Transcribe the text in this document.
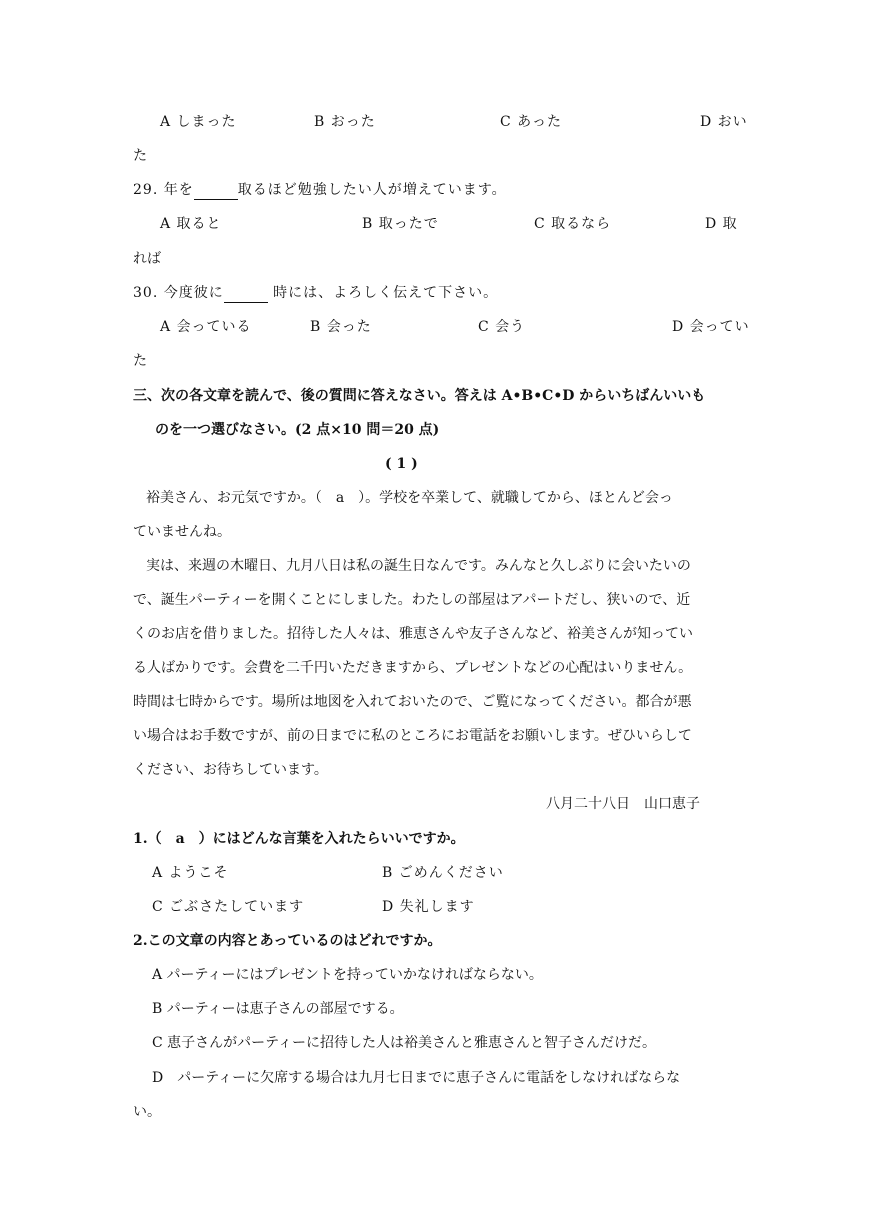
A しまった	B おった	C あった	D おい
た
29. 年を	取るほど勉強したい人が増えています。
A 取ると	B 取ったで	C 取るなら	D 取
れば
30. 今度彼に	時には、よろしく伝えて下さい。
A 会っている	B 会った	C 会う	D 会ってい
た
三、次の各文章を読んで、後の質問に答えなさい。答えは A•B•C•D からいちばんいいも
のを一つ選びなさい。(2 点×10 問＝20 点)
( 1 )
裕美さん、お元気ですか。（　a　）。学校を卒業して、就職してから、ほとんど会っ
ていませんね。
実は、来週の木曜日、九月八日は私の誕生日なんです。みんなと久しぶりに会いたいの
で、誕生パーティーを開くことにしました。わたしの部屋はアパートだし、狭いので、近
くのお店を借りました。招待した人々は、雅恵さんや友子さんなど、裕美さんが知ってい
る人ばかりです。会費を二千円いただきますから、プレゼントなどの心配はいりません。
時間は七時からです。場所は地図を入れておいたので、ご覧になってください。都合が悪
い場合はお手数ですが、前の日までに私のところにお電話をお願いします。ぜひいらして
ください、お待ちしています。
八月二十八日　山口恵子
1.（　a　）にはどんな言葉を入れたらいいですか。
A ようこそ	B ごめんください
C ごぶさたしています	D 失礼します
2.この文章の内容とあっているのはどれですか。
A パーティーにはプレゼントを持っていかなければならない。
B パーティーは恵子さんの部屋でする。
C 恵子さんがパーティーに招待した人は裕美さんと雅恵さんと智子さんだけだ。
D　パーティーに欠席する場合は九月七日までに恵子さんに電話をしなければならな
い。
